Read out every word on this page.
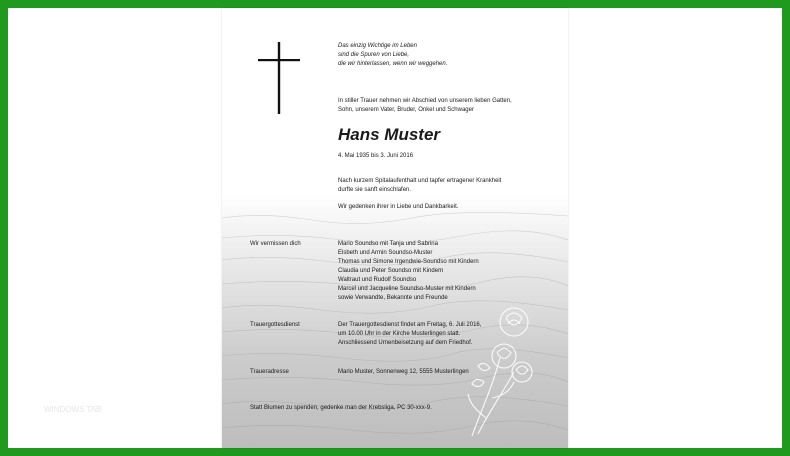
Das einzig Wichtige im Leben
sind die Spuren von Liebe,
die wir hinterlassen, wenn wir weggehen.
In stiller Trauer nehmen wir Abschied von unserem lieben Gatten,
Sohn, unserem Vater, Bruder, Onkel und Schwager
Hans Muster
4. Mai 1935 bis 3. Juni 2016
Nach kurzem Spitalaufenthalt und tapfer ertragener Krankheit
durfte sie sanft einschlafen.
Wir gedenken ihrer in Liebe und Dankbarkeit.
Wir vermissen dich	Mario Soundso mit Tanja und Sabrina
Elsbeth und Armin Soundso-Muster
Thomas und Simone Irgendwie-Soundso mit Kindern
Claudia und Peter Soundso mit Kindern
Waltraut und Rudolf Soundso
Marcel und Jacqueline Soundso-Muster mit Kindern
sowie Verwandte, Bekannte und Freunde
Trauergottesdienst	Der Trauergottesdienst findet am Freitag, 6. Juli 2016,
um 10.00 Uhr in der Kirche Musterlingen statt.
Anschliessend Urnenbeisetzung auf dem Friedhof.
Traueradresse	Mario Muster, Sonnenweg 12, 5555 Musterlingen
Statt Blumen zu spenden, gedenke man der Krebsliga, PC 30-xxx-9.
WINDOWS TAB
